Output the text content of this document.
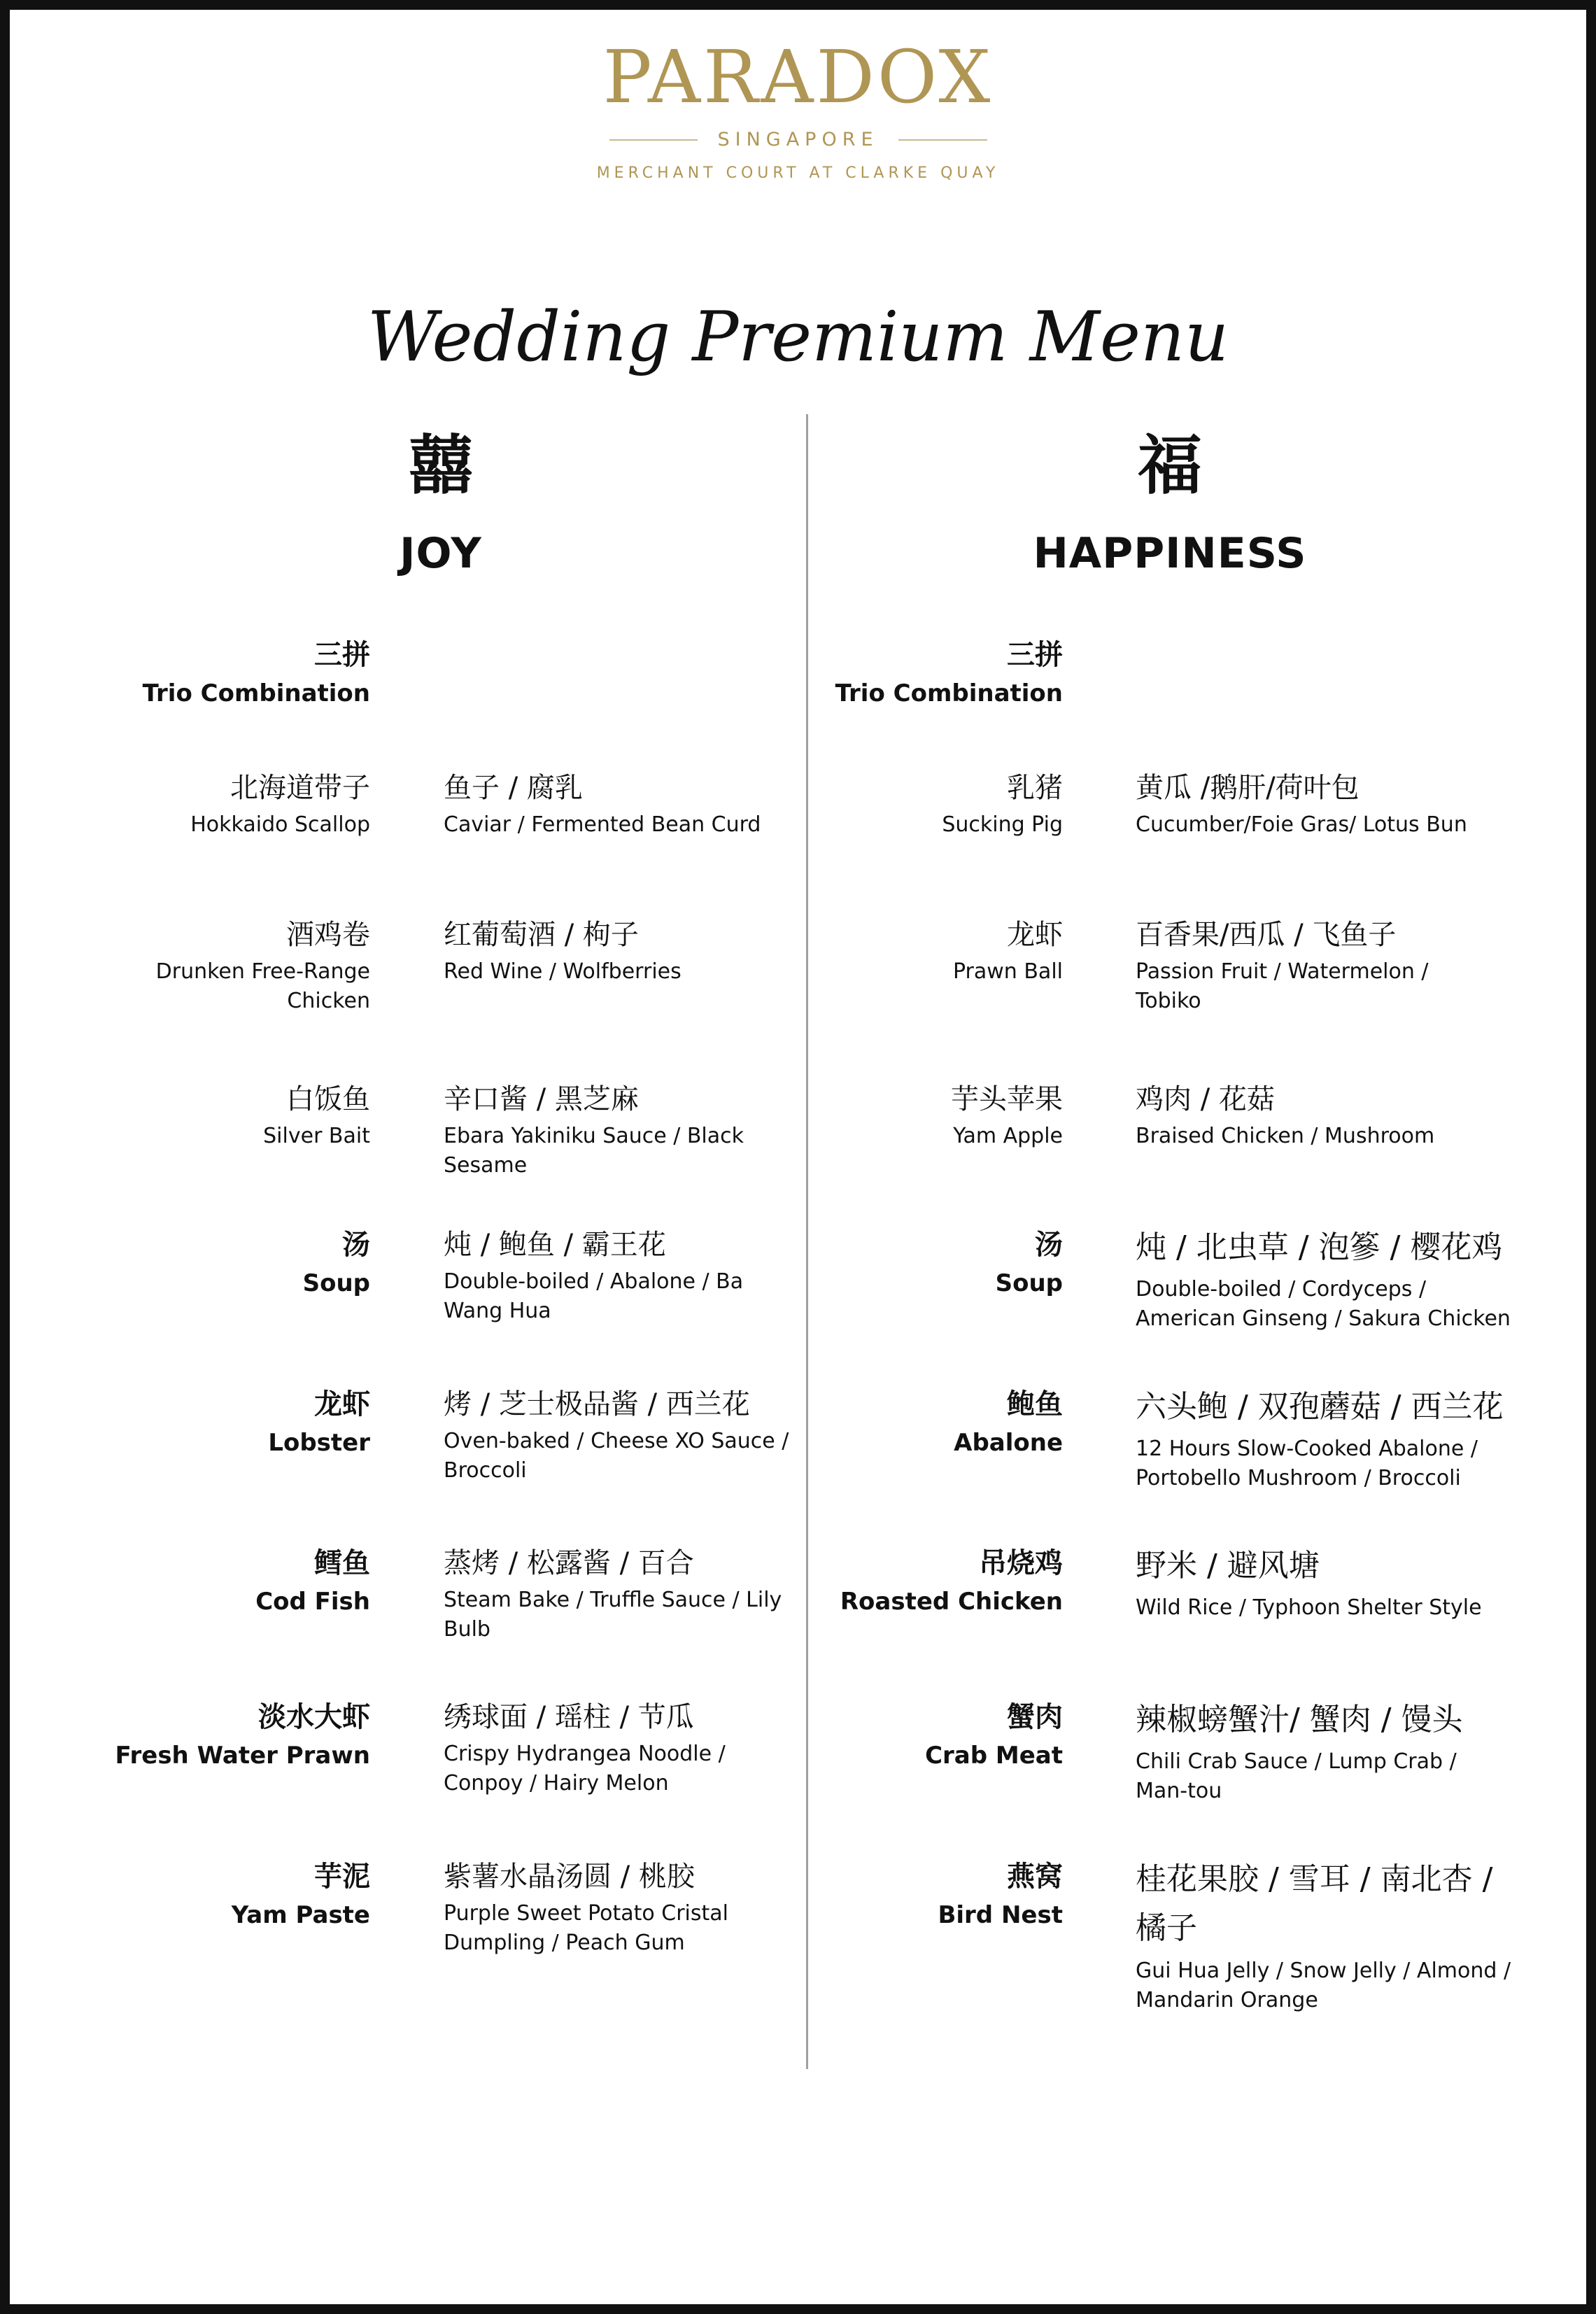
PARADOX
SINGAPORE
MERCHANT COURT AT CLARKE QUAY
Wedding Premium Menu
囍
JOY
福
HAPPINESS
三拼
Trio Combination
北海道带子
Hokkaido Scallop
鱼子 / 腐乳
Caviar / Fermented Bean Curd
酒鸡卷
Drunken Free-Range Chicken
红葡萄酒 / 枸子
Red Wine / Wolfberries
白饭鱼
Silver Bait
辛口酱 / 黑芝麻
Ebara Yakiniku Sauce / Black Sesame
汤
Soup
炖 / 鲍鱼 / 霸王花
Double-boiled / Abalone / Ba Wang Hua
龙虾
Lobster
烤 / 芝士极品酱 / 西兰花
Oven-baked / Cheese XO Sauce / Broccoli
鳕鱼
Cod Fish
蒸烤 / 松露酱 / 百合
Steam Bake / Truffle Sauce / Lily Bulb
淡水大虾
Fresh Water Prawn
绣球面 / 瑶柱 / 节瓜
Crispy Hydrangea Noodle / Conpoy / Hairy Melon
芋泥
Yam Paste
紫薯水晶汤圆 / 桃胶
Purple Sweet Potato Cristal Dumpling / Peach Gum
三拼
Trio Combination
乳猪
Sucking Pig
黄瓜 /鹅肝/荷叶包
Cucumber/Foie Gras/ Lotus Bun
龙虾
Prawn Ball
百香果/西瓜 / 飞鱼子
Passion Fruit / Watermelon / Tobiko
芋头苹果
Yam Apple
鸡肉 / 花菇
Braised Chicken / Mushroom
汤
Soup
炖 / 北虫草 / 泡篸 / 樱花鸡
Double-boiled / Cordyceps / American Ginseng / Sakura Chicken
鲍鱼
Abalone
六头鲍 / 双孢蘑菇 / 西兰花
12 Hours Slow-Cooked Abalone / Portobello Mushroom / Broccoli
吊烧鸡
Roasted Chicken
野米 / 避风塘
Wild Rice / Typhoon Shelter Style
蟹肉
Crab Meat
辣椒螃蟹汁/ 蟹肉 / 馒头
Chili Crab Sauce / Lump Crab / Man-tou
燕窝
Bird Nest
桂花果胶 / 雪耳 / 南北杏 / 橘子
Gui Hua Jelly / Snow Jelly / Almond / Mandarin Orange
